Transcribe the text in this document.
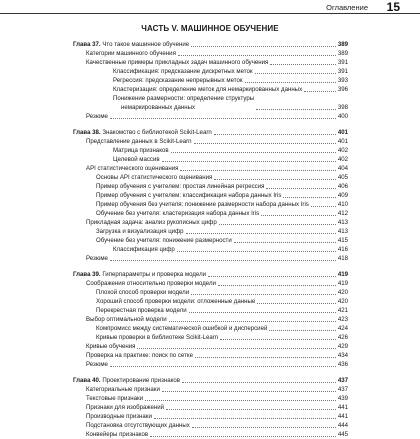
Оглавление 15
ЧАСТЬ V. МАШИННОЕ ОБУЧЕНИЕ
Глава 37. Что такое машинное обучение	389
Категории машинного обучения	389
Качественные примеры прикладных задач машинного обучения	391
Классификация: предсказание дискретных меток	391
Регрессия: предсказание непрерывных меток	393
Кластеризация: определение меток для немаркированных данных	396
Понижение размерности: определение структуры
немаркированных данных	398
Резюме	400
Глава 38. Знакомство с библиотекой Scikit-Learn	401
Представление данных в Scikit-Learn	401
Матрица признаков	402
Целевой массив	402
API статистического оценивания	404
Основы API статистического оценивания	405
Пример обучения с учителем: простая линейная регрессия	406
Пример обучения с учителем: классификация набора данных Iris	409
Пример обучения без учителя: понижение размерности набора данных Iris	410
Обучение без учителя: кластеризация набора данных Iris	412
Прикладная задача: анализ рукописных цифр	413
Загрузка и визуализация цифр	413
Обучение без учителя: понижение размерности	415
Классификация цифр	416
Резюме	418
Глава 39. Гиперпараметры и проверка модели	419
Соображения относительно проверки модели	419
Плохой способ проверки модели	420
Хороший способ проверки модели: отложенные данные	420
Перекрестная проверка модели	421
Выбор оптимальной модели	423
Компромисс между систематической ошибкой и дисперсией	424
Кривые проверки в библиотеке Scikit-Learn	426
Кривые обучения	429
Проверка на практике: поиск по сетке	434
Резюме	436
Глава 40. Проектирование признаков	437
Категориальные признаки	437
Текстовые признаки	439
Признаки для изображений	441
Производные признаки	441
Подстановка отсутствующих данных	444
Конвейеры признаков	445
